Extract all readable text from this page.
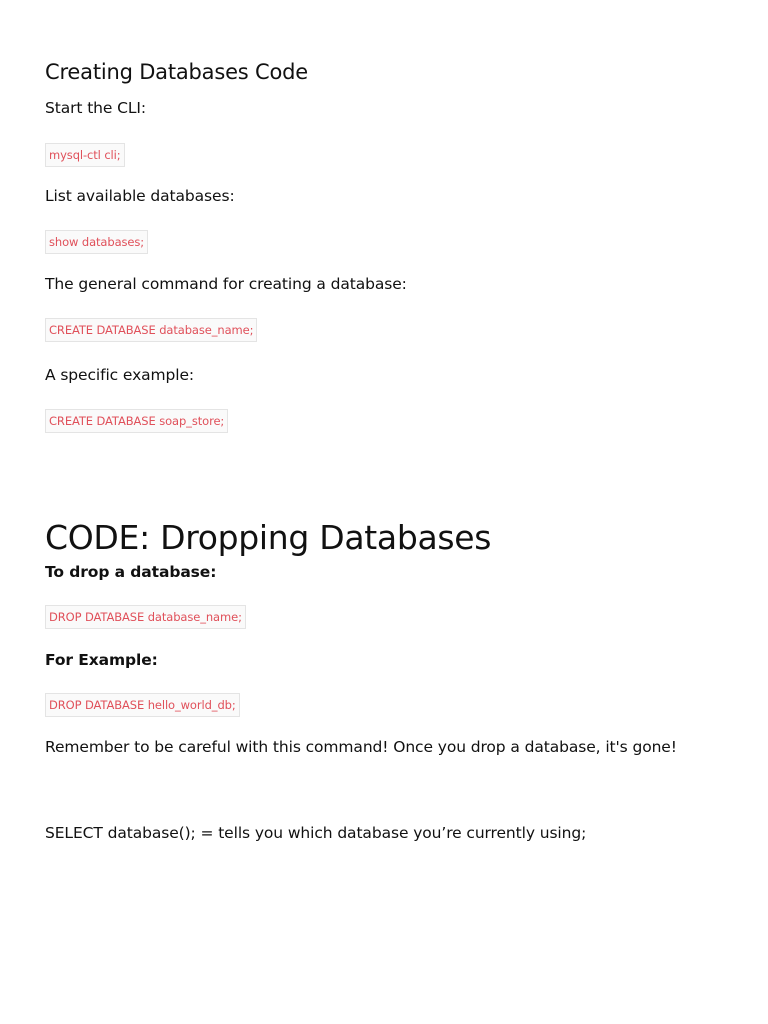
Creating Databases Code
Start the CLI:
mysql-ctl cli;
List available databases:
show databases;
The general command for creating a database:
CREATE DATABASE database_name;
A specific example:
CREATE DATABASE soap_store;
CODE: Dropping Databases
To drop a database:
DROP DATABASE database_name;
For Example:
DROP DATABASE hello_world_db;
Remember to be careful with this command! Once you drop a database, it's gone!
SELECT database(); = tells you which database you’re currently using;
